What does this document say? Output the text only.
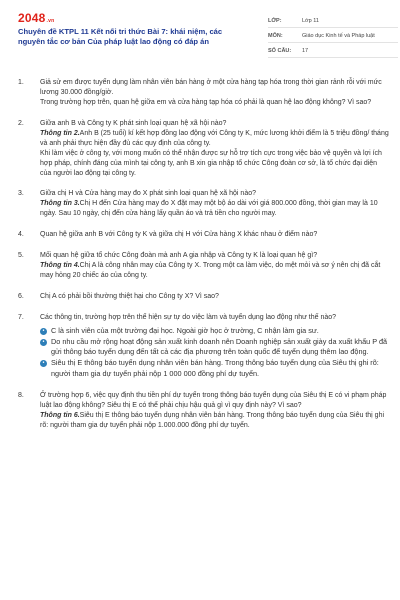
2048.vn
Chuyên đề KTPL 11 Kết nối tri thức Bài 7: khái niệm, các nguyên tắc cơ bản Của pháp luật lao động có đáp án
LỚP:	Lớp 11
MÔN:	Giáo dục Kinh tế và Pháp luật
SỐ CÂU:	17
1.	Giả sử em được tuyển dụng làm nhân viên bán hàng ở một cửa hàng tạp hóa trong thời gian rảnh rỗi với mức lương 30.000 đồng/giờ.

Trong trường hợp trên, quan hệ giữa em và cửa hàng tạp hóa có phải là quan hệ lao động không? Vì sao?

2.	Giữa anh B và Công ty K phát sinh loại quan hệ xã hội nào?

Thông tin 2.Anh B (25 tuổi) kí kết hợp đồng lao động với Công ty K, mức lương khởi điểm là 5 triệu đồng/ tháng và anh phải thực hiện đầy đủ các quy định của công ty.

Khi làm việc ở công ty, với mong muốn có thể nhận được sự hỗ trợ tích cực trong việc bảo vệ quyền và lợi ích hợp pháp, chính đáng của mình tại công ty, anh B xin gia nhập tổ chức Công đoàn cơ sở, là tổ chức đại diện của người lao động tại công ty.

3.	Giữa chị H và Cửa hàng may đo X phát sinh loại quan hệ xã hội nào?

Thông tin 3.Chị H đến Cửa hàng may đo X đặt may một bộ áo dài với giá 800.000 đồng, thời gian may là 10 ngày. Sau 10 ngày, chị đến cửa hàng lấy quần áo và trả tiền cho người may.

4.	Quan hệ giữa anh B với Công ty K và giữa chị H với Cửa hàng X khác nhau ở điểm nào?

5.	Mối quan hệ giữa tổ chức Công đoàn mà anh A gia nhập và Công ty K là loại quan hệ gì?

Thông tin 4.Chị A là công nhân may của Công ty X. Trong một ca làm việc, do mệt mỏi và sơ ý nên chị đã cắt may hỏng 20 chiếc áo của công ty.

6.	Chị A có phải bồi thường thiệt hại cho Công ty X? Vì sao?

7.	Các thông tin, trường hợp trên thể hiện sự tự do việc làm và tuyển dụng lao động như thế nào?

• C là sinh viên của một trường đại học. Ngoài giờ học ở trường, C nhận làm gia sư.
• Do nhu cầu mở rộng hoạt động sản xuất kinh doanh nên Doanh nghiệp sản xuất giày da xuất khẩu P đã gửi thông báo tuyển dụng đến tất cả các địa phương trên toàn quốc để tuyển dụng thêm lao động.
• Siêu thị E thông báo tuyển dụng nhân viên bán hàng. Trong thông báo tuyển dụng của Siêu thị ghi rõ: người tham gia dự tuyển phải nộp 1 000 000 đồng phí dự tuyển.
8.	Ở trường hợp 6, việc quy định thu tiền phí dự tuyển trong thông báo tuyển dụng của Siêu thị E có vi phạm pháp luật lao động không? Siêu thị E có thể phải chịu hậu quả gì vì quy định này? Vì sao?

Thông tin 6.Siêu thị E thông báo tuyển dụng nhân viên bán hàng. Trong thông báo tuyển dụng của Siêu thị ghi rõ: người tham gia dự tuyển phải nộp 1.000.000 đồng phí dự tuyển.
